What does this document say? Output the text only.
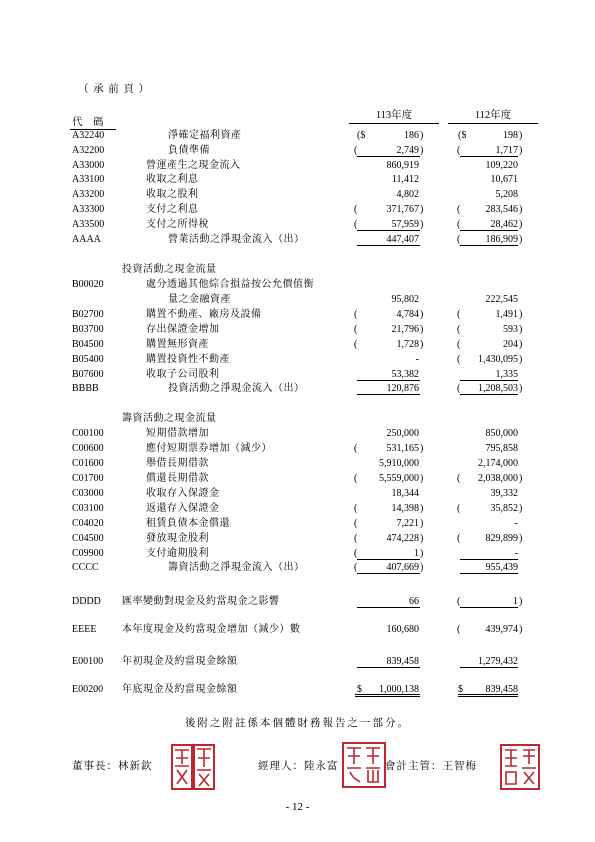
（ 承 前 頁 ）
代　碼
113年度	112年度
A32240	淨確定福利資產	($	186 )	($	198 )
A32200	負債準備	(	2,749 )	(	1,717 )
A33000	營運產生之現金流入	860,919	109,220
A33100	收取之利息	11,412	10,671
A33200	收取之股利	4,802	5,208
A33300	支付之利息	(	371,767 )	(	283,546 )
A33500	支付之所得稅	(	57,959 )	(	28,462 )
AAAA	營業活動之淨現金流入（出）	447,407	(	186,909 )
投資活動之現金流量
B00020	處分透過其他綜合損益按公允價值衡
量之金融資產	95,802	222,545
B02700	購置不動產、廠房及設備	(	4,784 )	(	1,491 )
B03700	存出保證金增加	(	21,796 )	(	593 )
B04500	購置無形資產	(	1,728 )	(	204 )
B05400	購置投資性不動產	-	(	1,430,095 )
B07600	收取子公司股利	53,382	1,335
BBBB	投資活動之淨現金流入（出）	120,876	(	1,208,503 )
籌資活動之現金流量
C00100	短期借款增加	250,000	850,000
C00600	應付短期票券增加（減少）	(	531,165 )	795,858
C01600	舉借長期借款	5,910,000	2,174,000
C01700	償還長期借款	(	5,559,000 )	(	2,038,000 )
C03000	收取存入保證金	18,344	39,332
C03100	返還存入保證金	(	14,398 )	(	35,852 )
C04020	租賃負債本金償還	(	7,221 )	-
C04500	發放現金股利	(	474,228 )	(	829,899 )
C09900	支付逾期股利	(	1 )	-
CCCC	籌資活動之淨現金流入（出）	(	407,669 )	955,439
DDDD 匯率變動對現金及約當現金之影響	66	(	1 )
EEEE	本年度現金及約當現金增加（減少）數	160,680	(	439,974 )
E00100 年初現金及約當現金餘額	839,458	1,279,432
E00200 年底現金及約當現金餘額	$	1,000,138	$	839,458
後附之附註係本個體財務報告之一部分。
董事長：林新欽	經理人：陸永富	會計主管：王智梅
- 12 -
